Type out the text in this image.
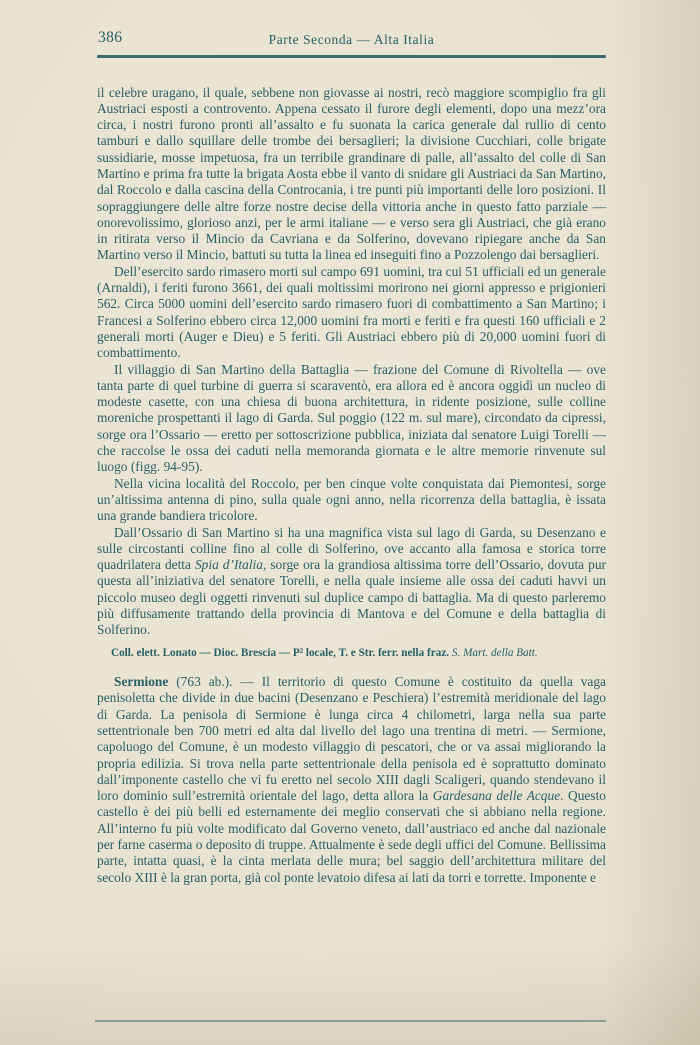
386	Parte Seconda — Alta Italia

il celebre uragano, il quale, sebbene non giovasse ai nostri, recò maggiore scompiglio fra gli Austriaci esposti a controvento. Appena cessato il furore degli elementi, dopo una mezz’ora circa, i nostri furono pronti all’assalto e fu suonata la carica generale dal rullio di cento tamburi e dallo squillare delle trombe dei bersaglieri; la divisione Cucchiari, colle brigate sussidiarie, mosse impetuosa, fra un terribile grandinare di palle, all’assalto del colle di San Martino e prima fra tutte la brigata Aosta ebbe il vanto di snidare gli Austriaci da San Martino, dal Roccolo e dalla cascina della Controcania, i tre punti più importanti delle loro posizioni. Il sopraggiungere delle altre forze nostre decise della vittoria anche in questo fatto parziale — onorevolissimo, glorioso anzi, per le armi italiane — e verso sera gli Austriaci, che già erano in ritirata verso il Mincio da Cavriana e da Solferino, dovevano ripiegare anche da San Martino verso il Mincio, battuti su tutta la linea ed inseguiti fino a Pozzolengo dai bersaglieri.

Dell’esercito sardo rimasero morti sul campo 691 uomini, tra cui 51 ufficiali ed un generale (Arnaldi), i feriti furono 3661, dei quali moltissimi morirono nei giorni appresso e prigionieri 562. Circa 5000 uomini dell’esercito sardo rimasero fuori di combattimento a San Martino; i Francesi a Solferino ebbero circa 12,000 uomini fra morti e feriti e fra questi 160 ufficiali e 2 generali morti (Auger e Dieu) e 5 feriti. Gli Austriaci ebbero più di 20,000 uomini fuori di combattimento.

Il villaggio di San Martino della Battaglia — frazione del Comune di Rivoltella — ove tanta parte di quel turbine di guerra si scaraventò, era allora ed è ancora oggidì un nucleo di modeste casette, con una chiesa di buona architettura, in ridente posizione, sulle colline moreniche prospettanti il lago di Garda. Sul poggio (122 m. sul mare), circondato da cipressi, sorge ora l’Ossario — eretto per sottoscrizione pubblica, iniziata dal senatore Luigi Torelli — che raccolse le ossa dei caduti nella memoranda giornata e le altre memorie rinvenute sul luogo (figg. 94-95).

Nella vicina località del Roccolo, per ben cinque volte conquistata dai Piemontesi, sorge un’altissima antenna di pino, sulla quale ogni anno, nella ricorrenza della battaglia, è issata una grande bandiera tricolore.

Dall’Ossario di San Martino si ha una magnifica vista sul lago di Garda, su Desenzano e sulle circostanti colline fino al colle di Solferino, ove accanto alla famosa e storica torre quadrilatera detta Spia d’Italia, sorge ora la grandiosa altissima torre dell’Ossario, dovuta pur questa all’iniziativa del senatore Torelli, e nella quale insieme alle ossa dei caduti havvi un piccolo museo degli oggetti rinvenuti sul duplice campo di battaglia. Ma di questo parleremo più diffusamente trattando della provincia di Mantova e del Comune e della battaglia di Solferino.

Coll. elett. Lonato — Dioc. Brescia — P² locale, T. e Str. ferr. nella fraz. S. Mart. della Batt.

Sermione (763 ab.). — Il territorio di questo Comune è costituito da quella vaga penisoletta che divide in due bacini (Desenzano e Peschiera) l’estremità meridionale del lago di Garda. La penisola di Sermione è lunga circa 4 chilometri, larga nella sua parte settentrionale ben 700 metri ed alta dal livello del lago una trentina di metri. — Sermione, capoluogo del Comune, è un modesto villaggio di pescatori, che or va assai migliorando la propria edilizia. Si trova nella parte settentrionale della penisola ed è soprattutto dominato dall’imponente castello che vi fu eretto nel secolo XIII dagli Scaligeri, quando stendevano il loro dominio sull’estremità orientale del lago, detta allora la Gardesana delle Acque. Questo castello è dei più belli ed esternamente dei meglio conservati che si abbiano nella regione. All’interno fu più volte modificato dal Governo veneto, dall’austriaco ed anche dal nazionale per farne caserma o deposito di truppe. Attualmente è sede degli uffici del Comune. Bellissima parte, intatta quasi, è la cinta merlata delle mura; bel saggio dell’architettura militare del secolo XIII è la gran porta, già col ponte levatoio difesa ai lati da torri e torrette. Imponente e
